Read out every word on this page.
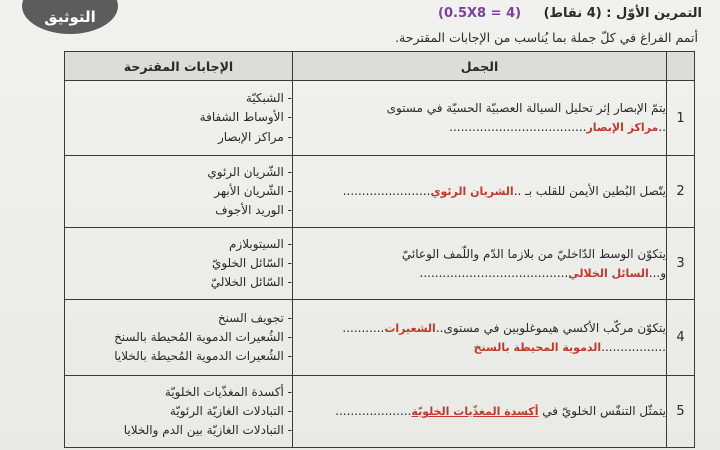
التوثيق	التمرين الأوّل : (4 نقاط) (4 = 0.5X8)
أتمم الفراغ في كلّ جملة بما يُناسب من الإجابات المقترحة.
الإجابات المقترحة	الجمل	

- الشبكيّة
- الأوساط الشفافة
- مراكز الإبصار	يتمّ الإبصار إثر تحليل السيالة العصبيّة الحسيّة في مستوى
..مراكز الإبصار....................................	1

- الشّريان الرئوي
- الشّريان الأبهر
- الوريد الأجوف	يتّصل البُطين الأيمن للقلب بـ ..الشريان الرئوي.......................	2

- السيتوبلازم
- السّائل الخلويّ
- السّائل الخلاليّ	يتكوّن الوسط الدّاخليّ من بلازما الدّم واللّمف الوعائيّ
و...السائل الخلالي.......................................	3

- تجويف السنخ
- الشُعيرات الدموية المُحيطة بالسنخ
- الشُعيرات الدموية المُحيطة بالخلايا	يتكوّن مركّب الأكسي هيموغلوبين في مستوى..الشعيرات...........
.................الدموية المحيطة بالسنخ	4

- أكسدة المغذّيات الخلويّة
- التبادلات الغازيّة الرئويّة
- التبادلات الغازيّة بين الدم والخلايا	يتمثّل التنفّس الخلويّ في أكسدة المغذّيات الخلويّة....................	5
